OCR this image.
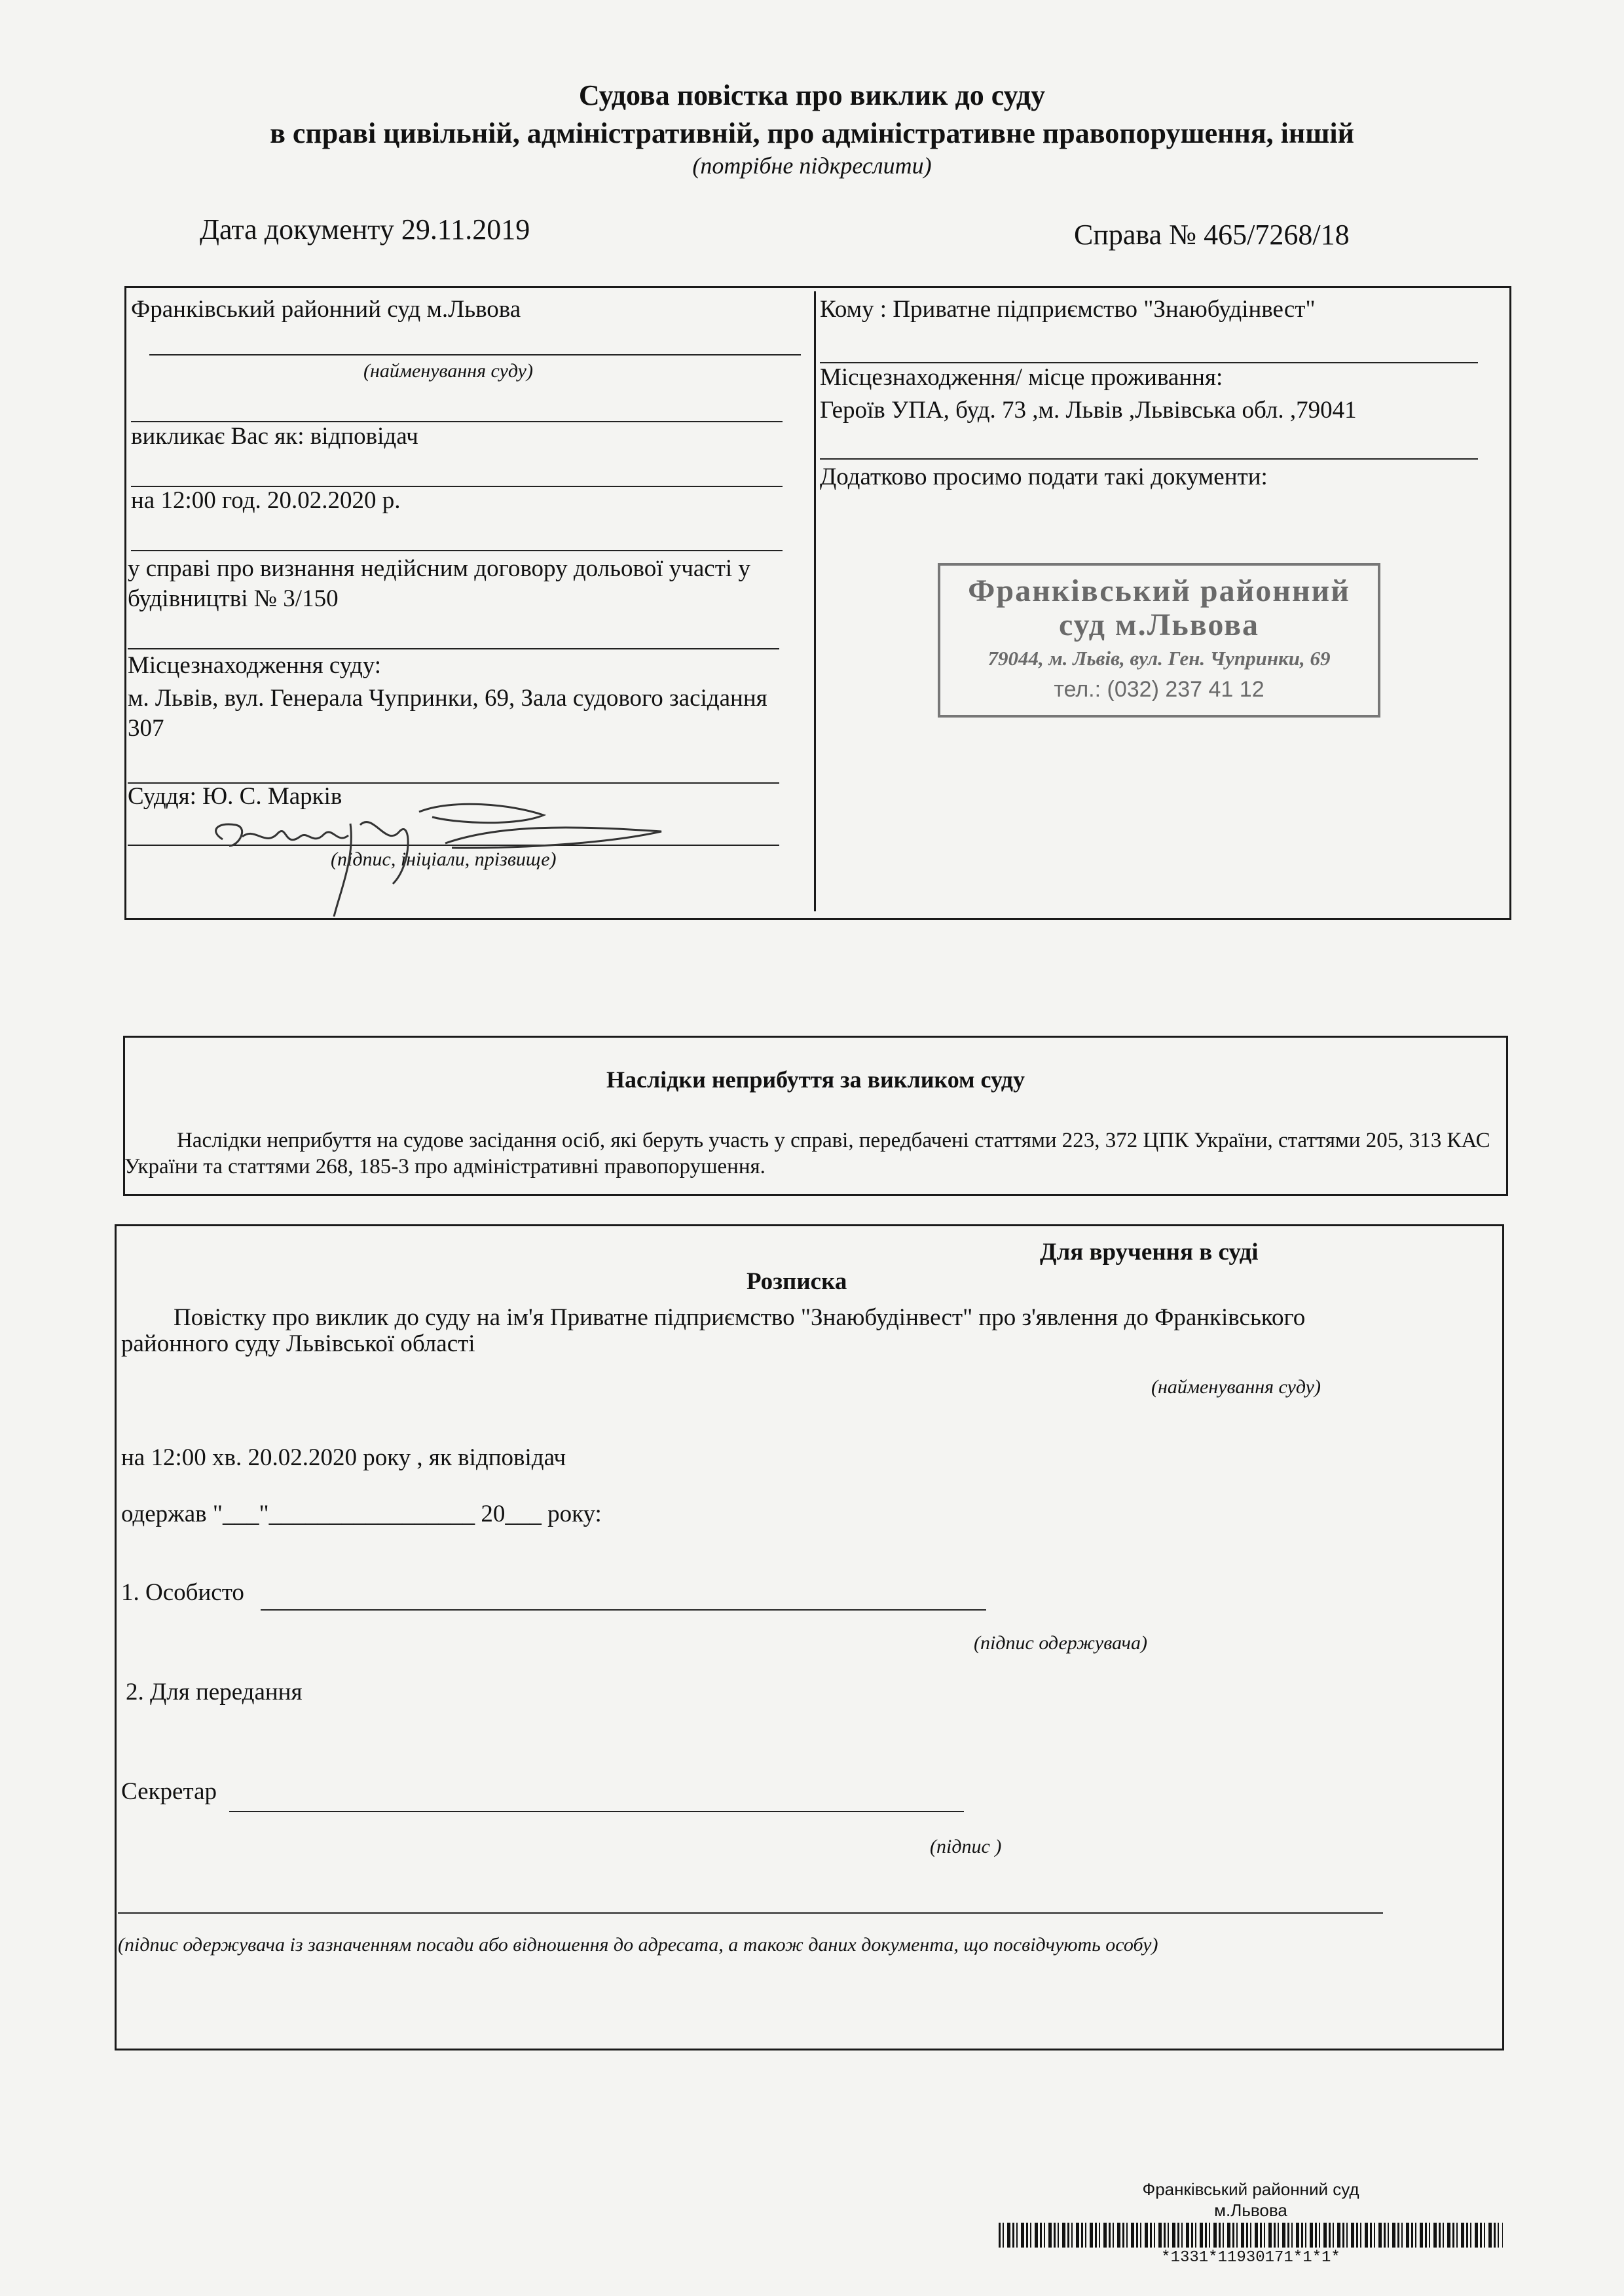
Судова повістка про виклик до суду
в справі цивільній, адміністративній, про адміністративне правопорушення, іншій
(потрібне підкреслити)
Дата документу 29.11.2019	Справа № 465/7268/18
Франківський районний суд м.Львова
(найменування суду)
викликає Вас як: відповідач
на 12:00 год. 20.02.2020 р.
у справі про визнання недійсним договору дольової участі у будівництві № 3/150
Місцезнаходження суду:
м. Львів, вул. Генерала Чупринки, 69, Зала судового засідання 307
Суддя: Ю. С. Марків
(підпис, ініціали, прізвище)
Кому : Приватне підприємство "Знаюбудінвест"
Місцезнаходження/ місце проживання:
Героїв УПА, буд. 73 ,м. Львів ,Львівська обл. ,79041
Додатково просимо подати такі документи:
Франківський районний
суд м.Львова
79044, м. Львів, вул. Ген. Чупринки, 69
тел.: (032) 237 41 12
Наслідки неприбуття за викликом суду
Наслідки неприбуття на судове засідання осіб, які беруть участь у справі, передбачені статтями 223, 372 ЦПК України, статтями 205, 313 КАС України та статтями 268, 185-3 про адміністративні правопорушення.
Для вручення в суді
Розписка
Повістку про виклик до суду на ім'я Приватне підприємство "Знаюбудінвест" про з'явлення до Франківського
районного суду Львівської області
(найменування суду)
на 12:00 хв. 20.02.2020 року , як відповідач
одержав "___"_________________ 20___ року:
1. Особисто
(підпис одержувача)
2. Для передання
Секретар
(підпис )
(підпис одержувача із зазначенням посади або відношення до адресата, а також даних документа, що посвідчують особу)
Франківський районний суд
м.Львова
*1331*11930171*1*1*
